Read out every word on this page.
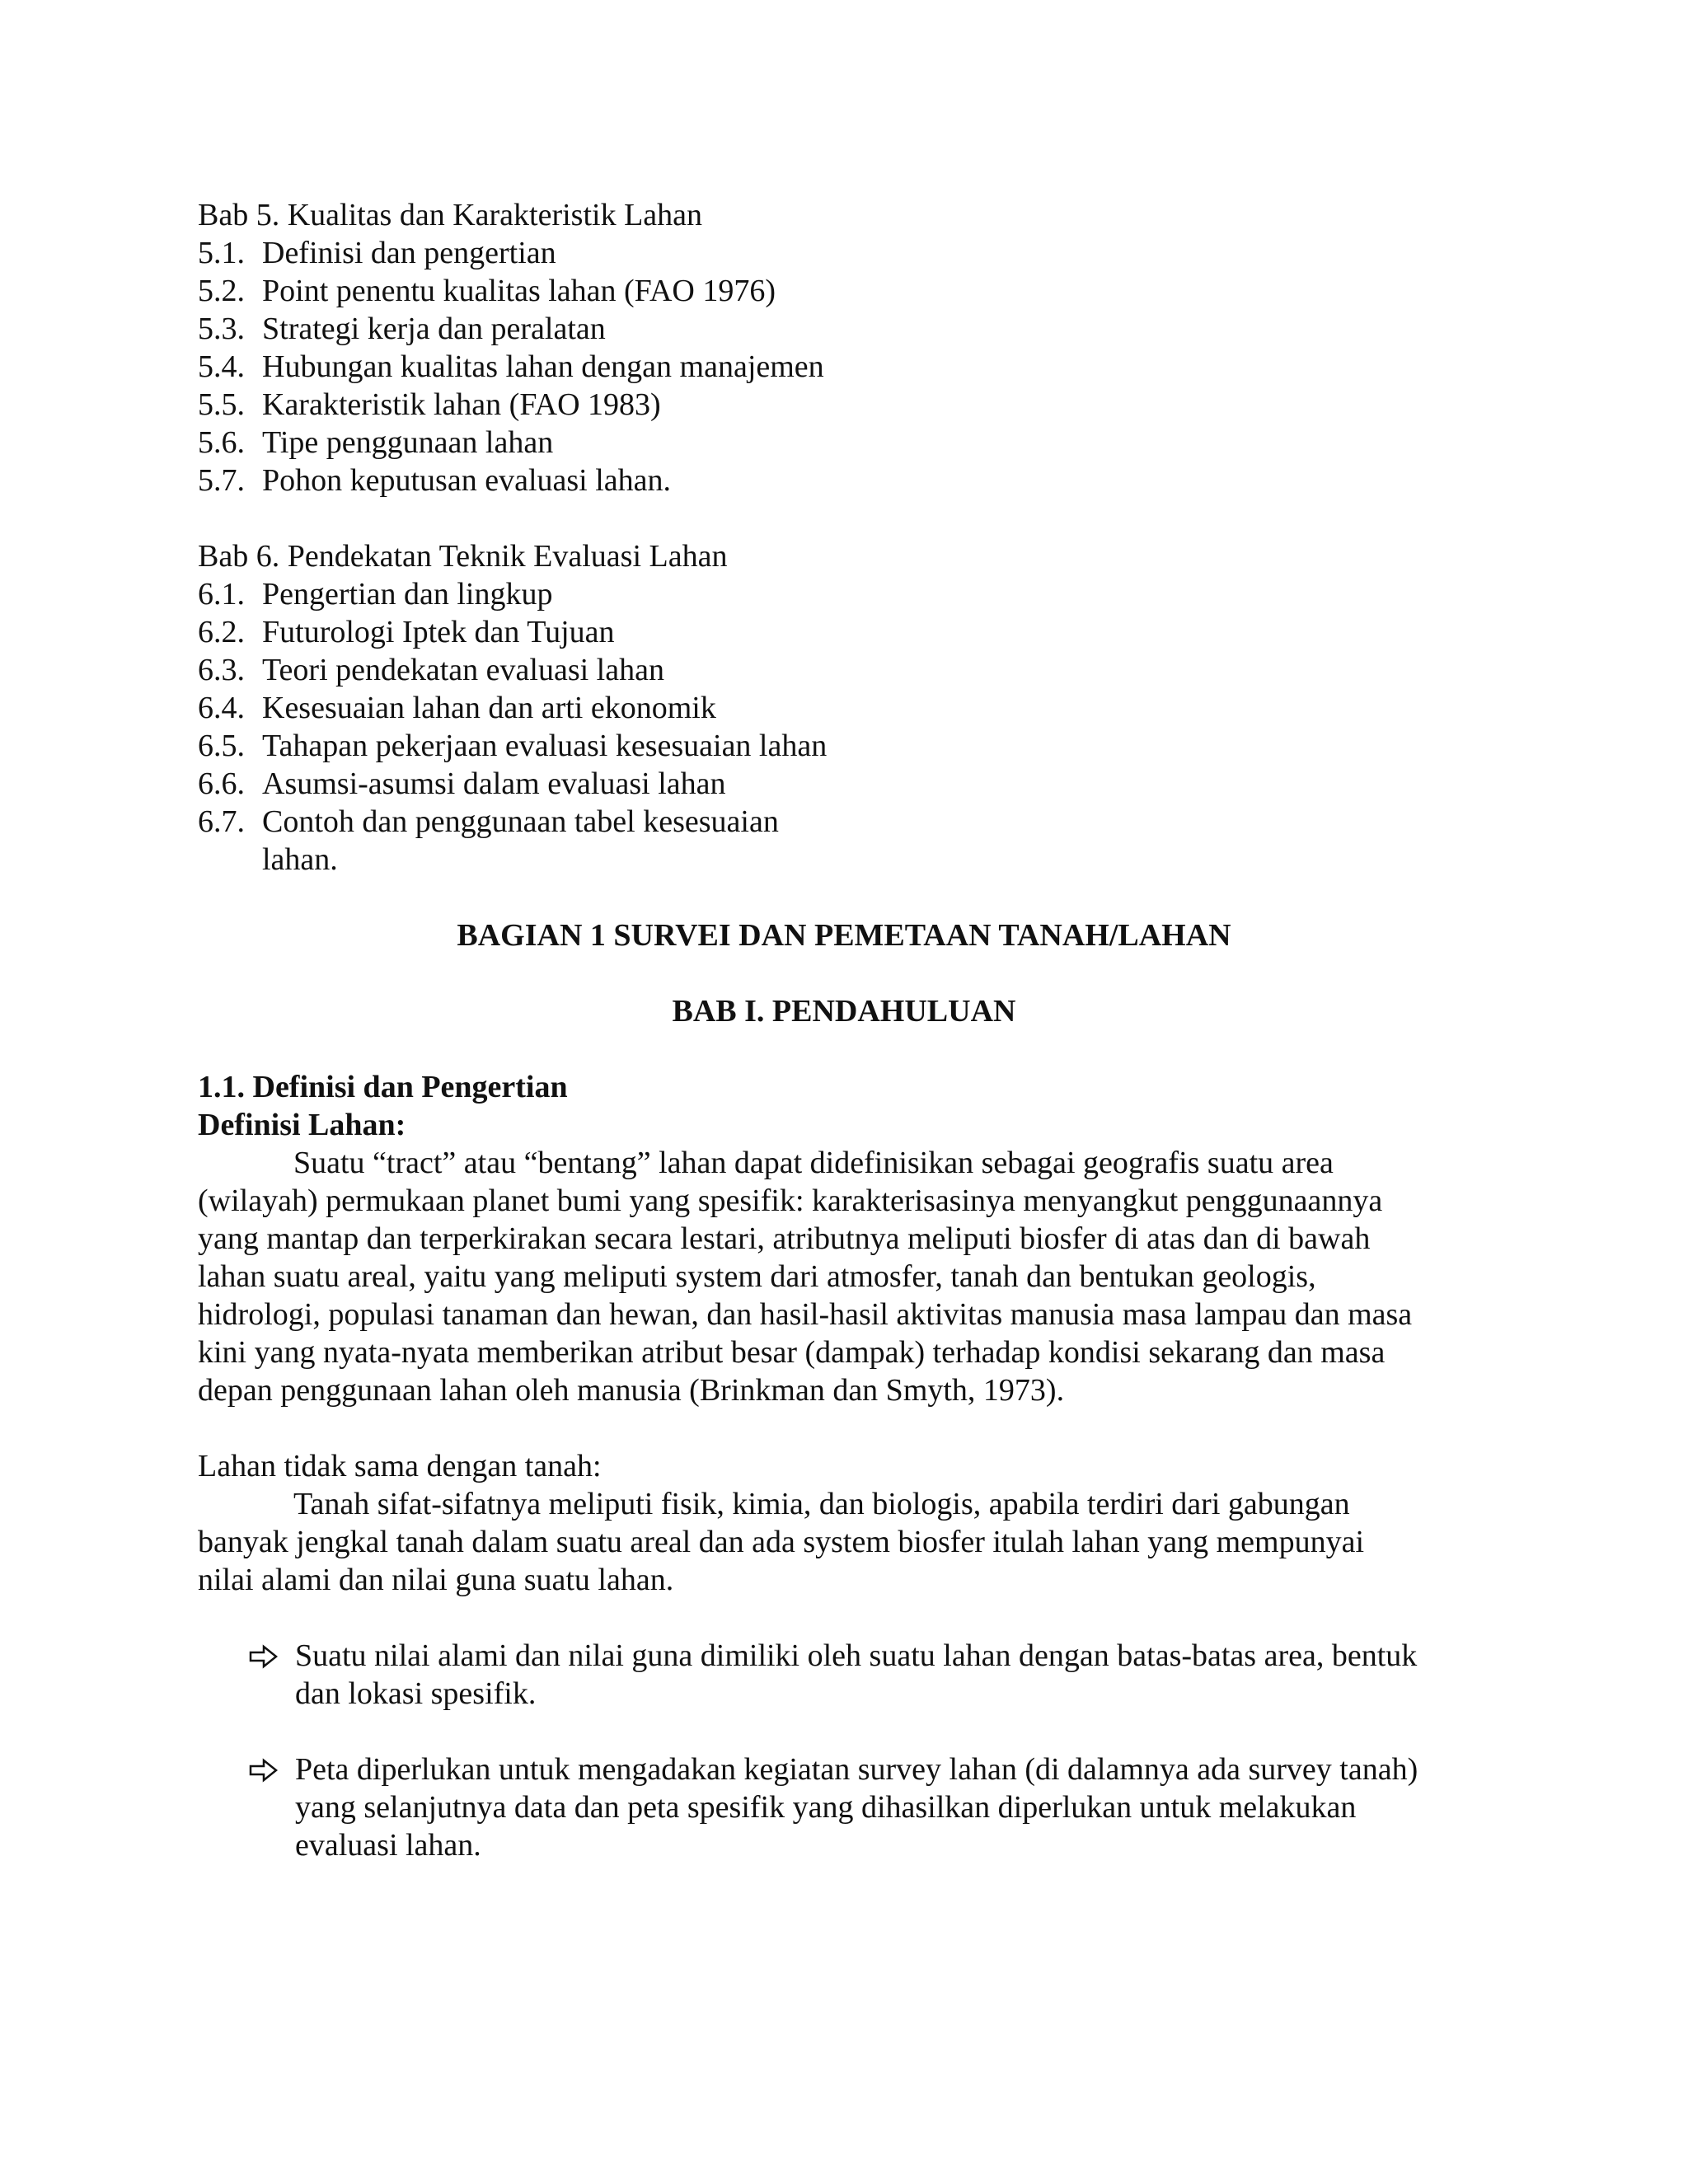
Bab 5. Kualitas dan Karakteristik Lahan
5.1. Definisi dan pengertian
5.2. Point penentu kualitas lahan (FAO 1976)
5.3. Strategi kerja dan peralatan
5.4. Hubungan kualitas lahan dengan manajemen
5.5. Karakteristik lahan (FAO 1983)
5.6. Tipe penggunaan lahan
5.7. Pohon keputusan evaluasi lahan.
Bab 6. Pendekatan Teknik Evaluasi Lahan
6.1. Pengertian dan lingkup
6.2. Futurologi Iptek dan Tujuan
6.3. Teori pendekatan evaluasi lahan
6.4. Kesesuaian lahan dan arti ekonomik
6.5. Tahapan pekerjaan evaluasi kesesuaian lahan
6.6. Asumsi-asumsi dalam evaluasi lahan
6.7. Contoh dan penggunaan tabel kesesuaian
lahan.
BAGIAN 1 SURVEI DAN PEMETAAN TANAH/LAHAN
BAB I. PENDAHULUAN
1.1. Definisi dan Pengertian
Definisi Lahan:
Suatu “tract” atau “bentang” lahan dapat didefinisikan sebagai geografis suatu area
(wilayah) permukaan planet bumi yang spesifik: karakterisasinya menyangkut penggunaannya
yang mantap dan terperkirakan secara lestari, atributnya meliputi biosfer di atas dan di bawah
lahan suatu areal, yaitu yang meliputi system dari atmosfer, tanah dan bentukan geologis,
hidrologi, populasi tanaman dan hewan, dan hasil-hasil aktivitas manusia masa lampau dan masa
kini yang nyata-nyata memberikan atribut besar (dampak) terhadap kondisi sekarang dan masa
depan penggunaan lahan oleh manusia (Brinkman dan Smyth, 1973).
Lahan tidak sama dengan tanah:
Tanah sifat-sifatnya meliputi fisik, kimia, dan biologis, apabila terdiri dari gabungan
banyak jengkal tanah dalam suatu areal dan ada system biosfer itulah lahan yang mempunyai
nilai alami dan nilai guna suatu lahan.
Suatu nilai alami dan nilai guna dimiliki oleh suatu lahan dengan batas-batas area, bentuk
dan lokasi spesifik.
Peta diperlukan untuk mengadakan kegiatan survey lahan (di dalamnya ada survey tanah)
yang selanjutnya data dan peta spesifik yang dihasilkan diperlukan untuk melakukan
evaluasi lahan.
